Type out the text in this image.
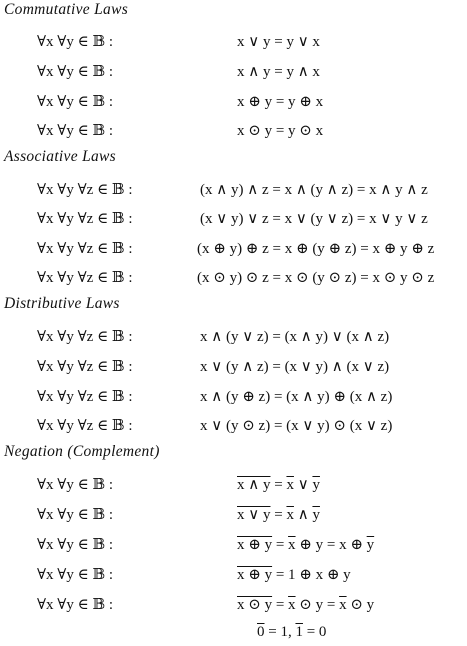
Commutative Laws
∀x ∀y ∈ 𝔹 :	x ∨ y = y ∨ x
∀x ∀y ∈ 𝔹 :	x ∧ y = y ∧ x
∀x ∀y ∈ 𝔹 :	x ⊕ y = y ⊕ x
∀x ∀y ∈ 𝔹 :	x ⊙ y = y ⊙ x
Associative Laws
∀x ∀y ∀z ∈ 𝔹 :	(x ∧ y) ∧ z = x ∧ (y ∧ z) = x ∧ y ∧ z
∀x ∀y ∀z ∈ 𝔹 :	(x ∨ y) ∨ z = x ∨ (y ∨ z) = x ∨ y ∨ z
∀x ∀y ∀z ∈ 𝔹 :	(x ⊕ y) ⊕ z = x ⊕ (y ⊕ z) = x ⊕ y ⊕ z
∀x ∀y ∀z ∈ 𝔹 :	(x ⊙ y) ⊙ z = x ⊙ (y ⊙ z) = x ⊙ y ⊙ z
Distributive Laws
∀x ∀y ∀z ∈ 𝔹 :	x ∧ (y ∨ z) = (x ∧ y) ∨ (x ∧ z)
∀x ∀y ∀z ∈ 𝔹 :	x ∨ (y ∧ z) = (x ∨ y) ∧ (x ∨ z)
∀x ∀y ∀z ∈ 𝔹 :	x ∧ (y ⊕ z) = (x ∧ y) ⊕ (x ∧ z)
∀x ∀y ∀z ∈ 𝔹 :	x ∨ (y ⊙ z) = (x ∨ y) ⊙ (x ∨ z)
Negation (Complement)
∀x ∀y ∈ 𝔹 :	x ∧ $y = \overline{x}$ ∨ $\overline{y}$
∀x ∀y ∈ 𝔹 :	x ∨ $y = \overline{x}$ ∧ $\overline{y}$
∀x ∀y ∈ 𝔹 :	x ⊕ $y = \overline{x}$ ⊕ y = x ⊕ $\overline{y}$
∀x ∀y ∈ 𝔹 :	x ⊕ y = 1 ⊕ x ⊕ y
∀x ∀y ∈ 𝔹 :	x ⊙ $y = \overline{x}$ ⊙ $y = \overline{x}$ ⊙ y
0 = 1, 1 = 0
